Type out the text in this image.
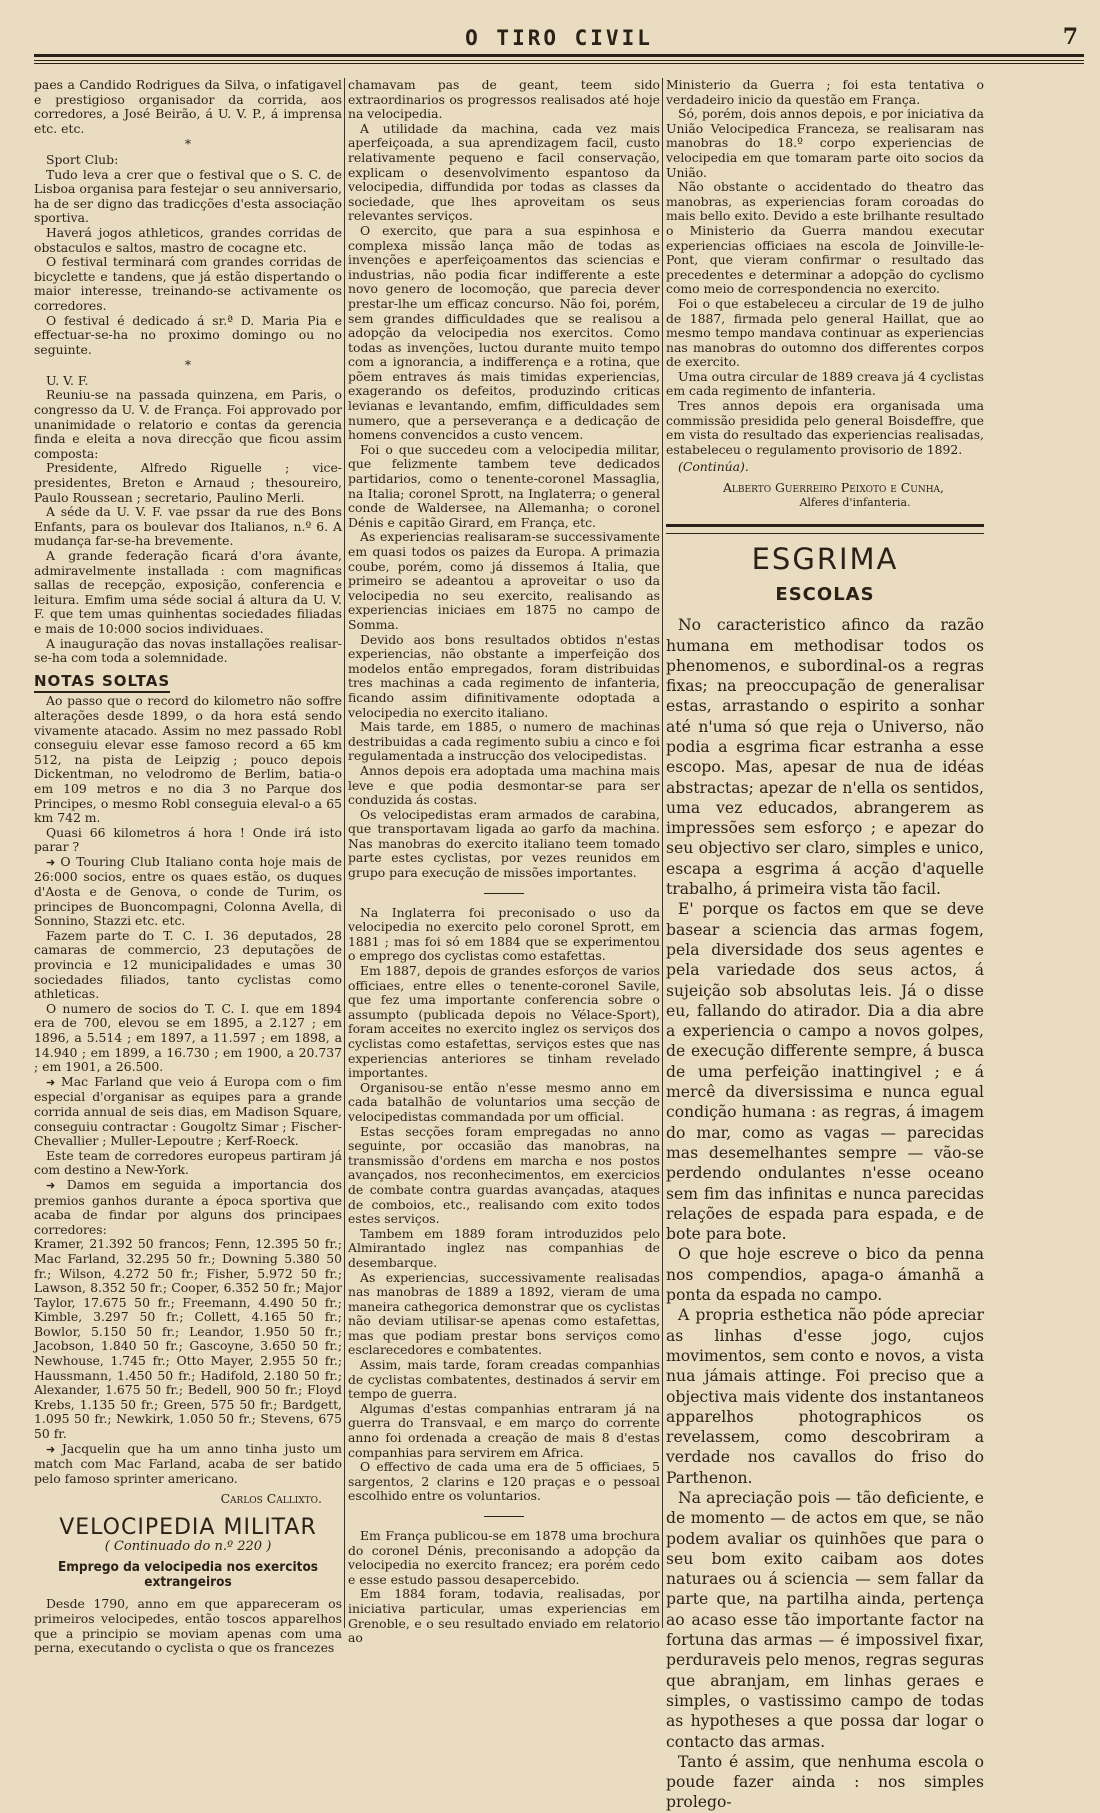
O TIRO CIVIL	7

paes a Candido Rodrigues da Silva, o infatigavel e prestigioso organisador da corrida, aos corredores, a José Beirão, á U. V. P., á imprensa etc. etc.

*

Sport Club:

Tudo leva a crer que o festival que o S. C. de Lisboa organisa para festejar o seu anniversario, ha de ser digno das tradicções d'esta associação sportiva.

Haverá jogos athleticos, grandes corridas de obstaculos e saltos, mastro de cocagne etc.

O festival terminará com grandes corridas de bicyclette e tandens, que já estão dispertando o maior interesse, treinando-se activamente os corredores.

O festival é dedicado á sr.ª D. Maria Pia e effectuar-se-ha no proximo domingo ou no seguinte.

*

U. V. F.

Reuniu-se na passada quinzena, em Paris, o congresso da U. V. de França. Foi approvado por unanimidade o relatorio e contas da gerencia finda e eleita a nova direcção que ficou assim composta:

Presidente, Alfredo Riguelle ; vice-presidentes, Breton e Arnaud ; thesoureiro, Paulo Roussean ; secretario, Paulino Merli.

A séde da U. V. F. vae pssar da rue des Bons Enfants, para os boulevar dos Italianos, n.º 6. A mudança far-se-ha brevemente.

A grande federação ficará d'ora ávante, admiravelmente installada : com magnificas sallas de recepção, exposição, conferencia e leitura. Emfim uma séde social á altura da U. V. F. que tem umas quinhentas sociedades filiadas e mais de 10:000 socios individuaes.

A inauguração das novas installações realisar-se-ha com toda a solemnidade.

NOTAS SOLTAS

Ao passo que o record do kilometro não soffre alterações desde 1899, o da hora está sendo vivamente atacado. Assim no mez passado Robl conseguiu elevar esse famoso record a 65 km 512, na pista de Leipzig ; pouco depois Dickentman, no velodromo de Berlim, batia-o em 109 metros e no dia 3 no Parque dos Principes, o mesmo Robl conseguia eleval-o a 65 km 742 m.

Quasi 66 kilometros á hora ! Onde irá isto parar ?

➜ O Touring Club Italiano conta hoje mais de 26:000 socios, entre os quaes estão, os duques d'Aosta e de Genova, o conde de Turim, os principes de Buoncompagni, Colonna Avella, di Sonnino, Stazzi etc. etc.

Fazem parte do T. C. I. 36 deputados, 28 camaras de commercio, 23 deputações de provincia e 12 municipalidades e umas 30 sociedades filiados, tanto cyclistas como athleticas.

O numero de socios do T. C. I. que em 1894 era de 700, elevou se em 1895, a 2.127 ; em 1896, a 5.514 ; em 1897, a 11.597 ; em 1898, a 14.940 ; em 1899, a 16.730 ; em 1900, a 20.737 ; em 1901, a 26.500.

➜ Mac Farland que veio á Europa com o fim especial d'organisar as equipes para a grande corrida annual de seis dias, em Madison Square, conseguiu contractar : Gougoltz Simar ; Fischer-Chevallier ; Muller-Lepoutre ; Kerf-Roeck.

Este team de corredores europeus partiram já com destino a New-York.

➜ Damos em seguida a importancia dos premios ganhos durante a época sportiva que acaba de findar por alguns dos principaes corredores:

Kramer, 21.392 50 francos; Fenn, 12.395 50 fr.; Mac Farland, 32.295 50 fr.; Downing 5.380 50 fr.; Wilson, 4.272 50 fr.; Fisher, 5.972 50 fr.; Lawson, 8.352 50 fr.; Cooper, 6.352 50 fr.; Major Taylor, 17.675 50 fr.; Freemann, 4.490 50 fr.; Kimble, 3.297 50 fr.; Collett, 4.165 50 fr.; Bowlor, 5.150 50 fr.; Leandor, 1.950 50 fr.; Jacobson, 1.840 50 fr.; Gascoyne, 3.650 50 fr.; Newhouse, 1.745 fr.; Otto Mayer, 2.955 50 fr.; Haussmann, 1.450 50 fr.; Hadifold, 2.180 50 fr.; Alexander, 1.675 50 fr.; Bedell, 900 50 fr.; Floyd Krebs, 1.135 50 fr.; Green, 575 50 fr.; Bardgett, 1.095 50 fr.; Newkirk, 1.050 50 fr.; Stevens, 675 50 fr.

➜ Jacquelin que ha um anno tinha justo um match com Mac Farland, acaba de ser batido pelo famoso sprinter americano.

Carlos Callixto.

VELOCIPEDIA MILITAR
( Continuado do n.º 220 )
Emprego da velocipedia nos exercitos extrangeiros

Desde 1790, anno em que appareceram os primeiros velocipedes, então toscos apparelhos que a principio se moviam apenas com uma perna, executando o cyclista o que os francezes

chamavam pas de geant, teem sido extraordinarios os progressos realisados até hoje na velocipedia.

A utilidade da machina, cada vez mais aperfeiçoada, a sua aprendizagem facil, custo relativamente pequeno e facil conservação, explicam o desenvolvimento espantoso da velocipedia, diffundida por todas as classes da sociedade, que lhes aproveitam os seus relevantes serviços.

O exercito, que para a sua espinhosa e complexa missão lança mão de todas as invenções e aperfeiçoamentos das sciencias e industrias, não podia ficar indifferente a este novo genero de locomoção, que parecia dever prestar-lhe um efficaz concurso. Não foi, porém, sem grandes difficuldades que se realisou a adopção da velocipedia nos exercitos. Como todas as invenções, luctou durante muito tempo com a ignorancia, a indifferença e a rotina, que põem entraves ás mais timidas experiencias, exagerando os defeitos, produzindo criticas levianas e levantando, emfim, difficuldades sem numero, que a perseverança e a dedicação de homens convencidos a custo vencem.

Foi o que succedeu com a velocipedia militar, que felizmente tambem teve dedicados partidarios, como o tenente-coronel Massaglia, na Italia; coronel Sprott, na Inglaterra; o general conde de Waldersee, na Allemanha; o coronel Dénis e capitão Girard, em França, etc.

As experiencias realisaram-se successivamente em quasi todos os paizes da Europa. A primazia coube, porém, como já dissemos á Italia, que primeiro se adeantou a aproveitar o uso da velocipedia no seu exercito, realisando as experiencias iniciaes em 1875 no campo de Somma.

Devido aos bons resultados obtidos n'estas experiencias, não obstante a imperfeição dos modelos então empregados, foram distribuidas tres machinas a cada regimento de infanteria, ficando assim difinitivamente odoptada a velocipedia no exercito italiano.

Mais tarde, em 1885, o numero de machinas destribuidas a cada regimento subiu a cinco e foi regulamentada a instrucção dos velocipedistas.

Annos depois era adoptada uma machina mais leve e que podia desmontar-se para ser conduzida ás costas.

Os velocipedistas eram armados de carabina, que transportavam ligada ao garfo da machina. Nas manobras do exercito italiano teem tomado parte estes cyclistas, por vezes reunidos em grupo para execução de missões importantes.

Na Inglaterra foi preconisado o uso da velocipedia no exercito pelo coronel Sprott, em 1881 ; mas foi só em 1884 que se experimentou o emprego dos cyclistas como estafettas.

Em 1887, depois de grandes esforços de varios officiaes, entre elles o tenente-coronel Savile, que fez uma importante conferencia sobre o assumpto (publicada depois no Vélace-Sport), foram acceites no exercito inglez os serviços dos cyclistas como estafettas, serviços estes que nas experiencias anteriores se tinham revelado importantes.

Organisou-se então n'esse mesmo anno em cada batalhão de voluntarios uma secção de velocipedistas commandada por um official.

Estas secções foram empregadas no anno seguinte, por occasião das manobras, na transmissão d'ordens em marcha e nos postos avançados, nos reconhecimentos, em exercicios de combate contra guardas avançadas, ataques de comboios, etc., realisando com exito todos estes serviços.

Tambem em 1889 foram introduzidos pelo Almirantado inglez nas companhias de desembarque.

As experiencias, successivamente realisadas nas manobras de 1889 a 1892, vieram de uma maneira cathegorica demonstrar que os cyclistas não deviam utilisar-se apenas como estafettas, mas que podiam prestar bons serviços como esclarecedores e combatentes.

Assim, mais tarde, foram creadas companhias de cyclistas combatentes, destinados á servir em tempo de guerra.

Algumas d'estas companhias entraram já na guerra do Transvaal, e em março do corrente anno foi ordenada a creação de mais 8 d'estas companhias para servirem em Africa.

O effectivo de cada uma era de 5 officiaes, 5 sargentos, 2 clarins e 120 praças e o pessoal escolhido entre os voluntarios.

Em França publicou-se em 1878 uma brochura do coronel Dénis, preconisando a adopção da velocipedia no exercito francez; era porém cedo e esse estudo passou desapercebido.

Em 1884 foram, todavia, realisadas, por iniciativa particular, umas experiencias em Grenoble, e o seu resultado enviado em relatorio ao

Ministerio da Guerra ; foi esta tentativa o verdadeiro inicio da questão em França.

Só, porém, dois annos depois, e por iniciativa da União Velocipedica Franceza, se realisaram nas manobras do 18.º corpo experiencias de velocipedia em que tomaram parte oito socios da União.

Não obstante o accidentado do theatro das manobras, as experiencias foram coroadas do mais bello exito. Devido a este brilhante resultado o Ministerio da Guerra mandou executar experiencias officiaes na escola de Joinville-le-Pont, que vieram confirmar o resultado das precedentes e determinar a adopção do cyclismo como meio de correspondencia no exercito.

Foi o que estabeleceu a circular de 19 de julho de 1887, firmada pelo general Haillat, que ao mesmo tempo mandava continuar as experiencias nas manobras do outomno dos differentes corpos de exercito.

Uma outra circular de 1889 creava já 4 cyclistas em cada regimento de infanteria.

Tres annos depois era organisada uma commissão presidida pelo general Boisdeffre, que em vista do resultado das experiencias realisadas, estabeleceu o regulamento provisorio de 1892.

(Continúa).

Alberto Guerreiro Peixoto e Cunha,

Alferes d'infanteria.

ESGRIMA
ESCOLAS

No caracteristico afinco da razão humana em methodisar todos os phenomenos, e subordinal-os a regras fixas; na preoccupação de generalisar estas, arrastando o espirito a sonhar até n'uma só que reja o Universo, não podia a esgrima ficar estranha a esse escopo. Mas, apesar de nua de idéas abstractas; apezar de n'ella os sentidos, uma vez educados, abrangerem as impressões sem esforço ; e apezar do seu objectivo ser claro, simples e unico, escapa a esgrima á acção d'aquelle trabalho, á primeira vista tão facil.

E' porque os factos em que se deve basear a sciencia das armas fogem, pela diversidade dos seus agentes e pela variedade dos seus actos, á sujeição sob absolutas leis. Já o disse eu, fallando do atirador. Dia a dia abre a experiencia o campo a novos golpes, de execução differente sempre, á busca de uma perfeição inattingivel ; e á mercê da diversissima e nunca egual condição humana : as regras, á imagem do mar, como as vagas — parecidas mas desemelhantes sempre — vão-se perdendo ondulantes n'esse oceano sem fim das infinitas e nunca parecidas relações de espada para espada, e de bote para bote.

O que hoje escreve o bico da penna nos compendios, apaga-o ámanhã a ponta da espada no campo.

A propria esthetica não póde apreciar as linhas d'esse jogo, cujos movimentos, sem conto e novos, a vista nua jámais attinge. Foi preciso que a objectiva mais vidente dos instantaneos apparelhos photographicos os revelassem, como descobriram a verdade nos cavallos do friso do Parthenon.

Na apreciação pois — tão deficiente, e de momento — de actos em que, se não podem avaliar os quinhões que para o seu bom exito caibam aos dotes naturaes ou á sciencia — sem fallar da parte que, na partilha ainda, pertença ao acaso esse tão importante factor na fortuna das armas — é impossivel fixar, perduraveis pelo menos, regras seguras que abranjam, em linhas geraes e simples, o vastissimo campo de todas as hypotheses a que possa dar logar o contacto das armas.

Tanto é assim, que nenhuma escola o poude fazer ainda : nos simples prolego-
